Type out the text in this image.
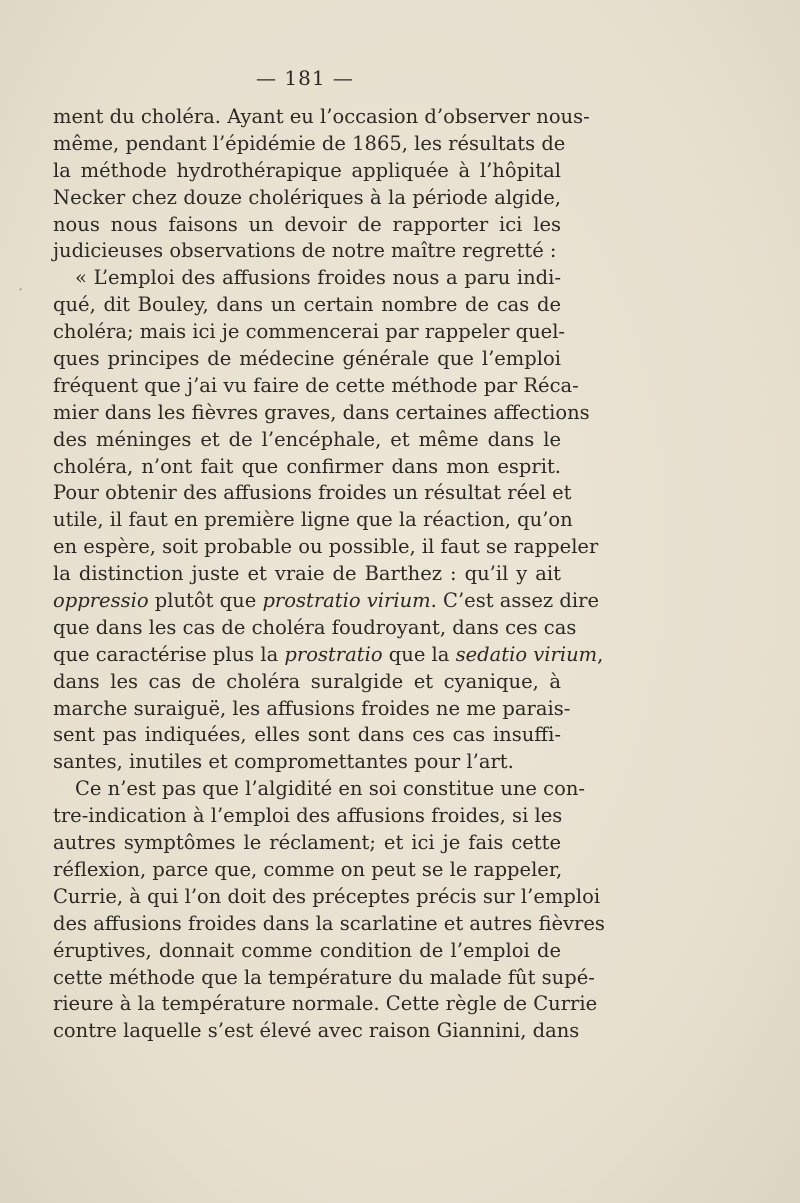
¸
— 181 —
ment du choléra. Ayant eu l’occasion d’observer nous-
même, pendant l’épidémie de 1865, les résultats de
la méthode hydrothérapique appliquée à l’hôpital
Necker chez douze cholériques à la période algide,
nous nous faisons un devoir de rapporter ici les
judicieuses observations de notre maître regretté :
« L’emploi des affusions froides nous a paru indi-
qué, dit Bouley, dans un certain nombre de cas de
choléra; mais ici je commencerai par rappeler quel-
ques principes de médecine générale que l’emploi
fréquent que j’ai vu faire de cette méthode par Réca-
mier dans les fièvres graves, dans certaines affections
des méninges et de l’encéphale, et même dans le
choléra, n’ont fait que confirmer dans mon esprit.
Pour obtenir des affusions froides un résultat réel et
utile, il faut en première ligne que la réaction, qu’on
en espère, soit probable ou possible, il faut se rappeler
la distinction juste et vraie de Barthez : qu’il y ait
oppressio plutôt que prostratio virium. C’est assez dire
que dans les cas de choléra foudroyant, dans ces cas
que caractérise plus la prostratio que la sedatio virium,
dans les cas de choléra suralgide et cyanique, à
marche suraiguë, les affusions froides ne me parais-
sent pas indiquées, elles sont dans ces cas insuffi-
santes, inutiles et compromettantes pour l’art.
Ce n’est pas que l’algidité en soi constitue une con-
tre-indication à l’emploi des affusions froides, si les
autres symptômes le réclament; et ici je fais cette
réflexion, parce que, comme on peut se le rappeler,
Currie, à qui l’on doit des préceptes précis sur l’emploi
des affusions froides dans la scarlatine et autres fièvres
éruptives, donnait comme condition de l’emploi de
cette méthode que la température du malade fût supé-
rieure à la température normale. Cette règle de Currie
contre laquelle s’est élevé avec raison Giannini, dans
